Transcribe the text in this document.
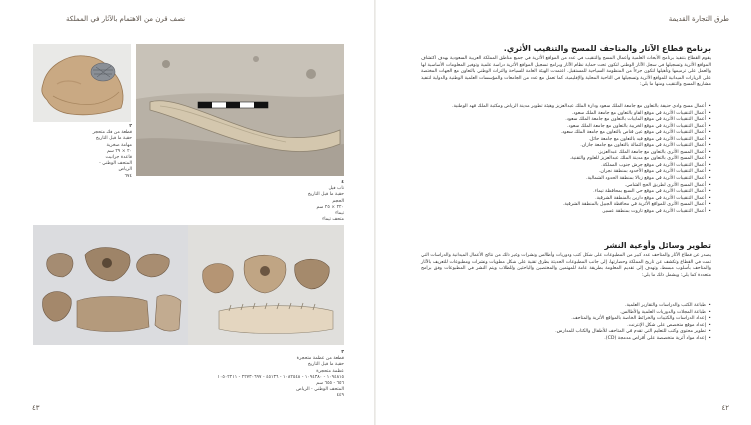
نصف قرن من الاهتمام بالآثار في المملكة
٢
قطعة من فك متحجر
حقبة ما قبل التاريخ
مهامة صخرية
٢٠ × ٢٩ سم
قاعدة جرانيت
المتحف الوطني - الرياض
٦٧٤
٤
ناب فيل
حقبة ما قبل التاريخ
الحجم
٢٢٠ × ٢٥ سم
تيماء
متحف تيماء
٣
قطعة من عظمة متحجرة
حقبة ما قبل التاريخ
عظمة متحجرة
١٠٩٤٨١٥ - ١٠٩٤٣٨٠ - ١٠٨٢٥٤٨ - ٤٥١٣٦ - ٢٢٧٣٠٦٩٧ - ١٠٥٠٢٢١١
٦٥٦ - ٦٥٥ سم
المتحف الوطني - الرياض
٤٤٩
٤٣
طرق التجارة القديمة
برنامج قطاع الآثار والمتاحف للمسح والتنقيب الأثري.

يقوم القطاع بتنفيذ برنامج الأبحاث العلمية وأعمال المسح والتنقيب في عدد من المواقع الأثرية في جميع مناطق المملكة العربية السعودية بهدف اكتشاف المواقع الأثرية وتسجيلها في سجل الآثار الوطني لتكون تحت حماية نظام الآثار وبرامج تسجيل المواقع الأثرية دراسة علمية وتوفير المعلومات الأساسية لها والعمل على ترميمها وتأهيلها لتكون جزءاً من المنظومة السياحية للمستقبل. اعتمدت الهيئة العامة للسياحة والتراث الوطني بالتعاون مع الجهات المختصة على الزيارات الميدانية للمواقع الأثرية وتسجيلها في الناحية المحلية والإقليمية، كما تعمل مع عدد من الجامعات والمؤسسات العلمية الوطنية والدولية لتنفيذ مشاريع المسح والتنقيب ومنها ما يلي:

• أعمال مسح وادي حنيفة بالتعاون مع جامعة الملك سعود ودارة الملك عبدالعزيز وهيئة تطوير مدينة الرياض ومكتبة الملك فهد الوطنية.
• أعمال التنقيبات الأثرية في موقع الفاو بالتعاون مع جامعة الملك سعود.
• أعمال التنقيبات الأثرية في موقع المابيات بالتعاون مع جامعة الملك سعود.
• أعمال التنقيبات الأثرية في موقع الخريبة بالتعاون مع جامعة الملك سعود.
• أعمال التنقيبات الأثرية في موقع عين قناص بالتعاون مع جامعة الملك سعود.
• أعمال التنقيبات الأثرية في موقع فيد بالتعاون مع جامعة حائل.
• أعمال التنقيبات الأثرية في موقع الثمالة بالتعاون مع جامعة جازان.
• أعمال المسح الأثري بالتعاون مع جامعة الملك عبدالعزيز.
• أعمال المسح الأثري بالتعاون مع مدينة الملك عبدالعزيز للعلوم والتقنية.
• أعمال التنقيبات الأثرية في موقع جرش جنوب المملكة.
• أعمال التنقيبات الأثرية في موقع الأخدود بمنطقة نجران.
• أعمال التنقيبات الأثرية في موقع زبالا بمنطقة الحدود الشمالية.
• أعمال المسح الأثري لطريق الحج الشامي.
• أعمال التنقيبات الأثرية في موقع حي السبع بمحافظة تيماء.
• أعمال التنقيبات الأثرية في موقع دارين بالمنطقة الشرقية.
• أعمال المسح الأثري للمواقع الأثرية في محافظة الجبيل بالمنطقة الشرقية.
• أعمال التنقيبات الأثرية في موقع تاروت بمنطقة عسير.
تطوير وسائل وأوعية النشر

يصدر عن قطاع الآثار والمتاحف عدد كبير من المطبوعات على شكل كتب ودوريات وأطالس ونشرات وغير ذلك من نتائج الأعمال الميدانية والدراسات التي تمت في القطاع وتكشف عن تاريخ المملكة وحضارتها، إلى جانب المطبوعات الحديثة بطرق تقنية على شكل مطويات ونشرات ومطبوعات للتعريف بالآثار والمتاحف بأسلوب مبسط، وتهدف إلى تقديم المعلومة بطريقة عامة للمهتمين والمختصين والباحثين وللطلاب ويتم النشر في المطبوعات وفق برامج متعددة كما يلي: ويشمل ذلك ما يلي:

• طباعة الكتب والدراسات والتقارير العلمية.
• طباعة المجلات والدوريات العلمية والأطالس.
• إعداد الدراسات والكتيبات والخرائط الخاصة بالمواقع الأثرية والمتاحف.
• إعداد موقع متخصص على شكل الإنترنت.
• تطوير محتوى وكتب للتعليم التي تقدم في المتاحف للأطفال والكتاب للمدارس.
• إعداد مواد أثرية متخصصة على أقراص مدمجة (CD).
٤٢
